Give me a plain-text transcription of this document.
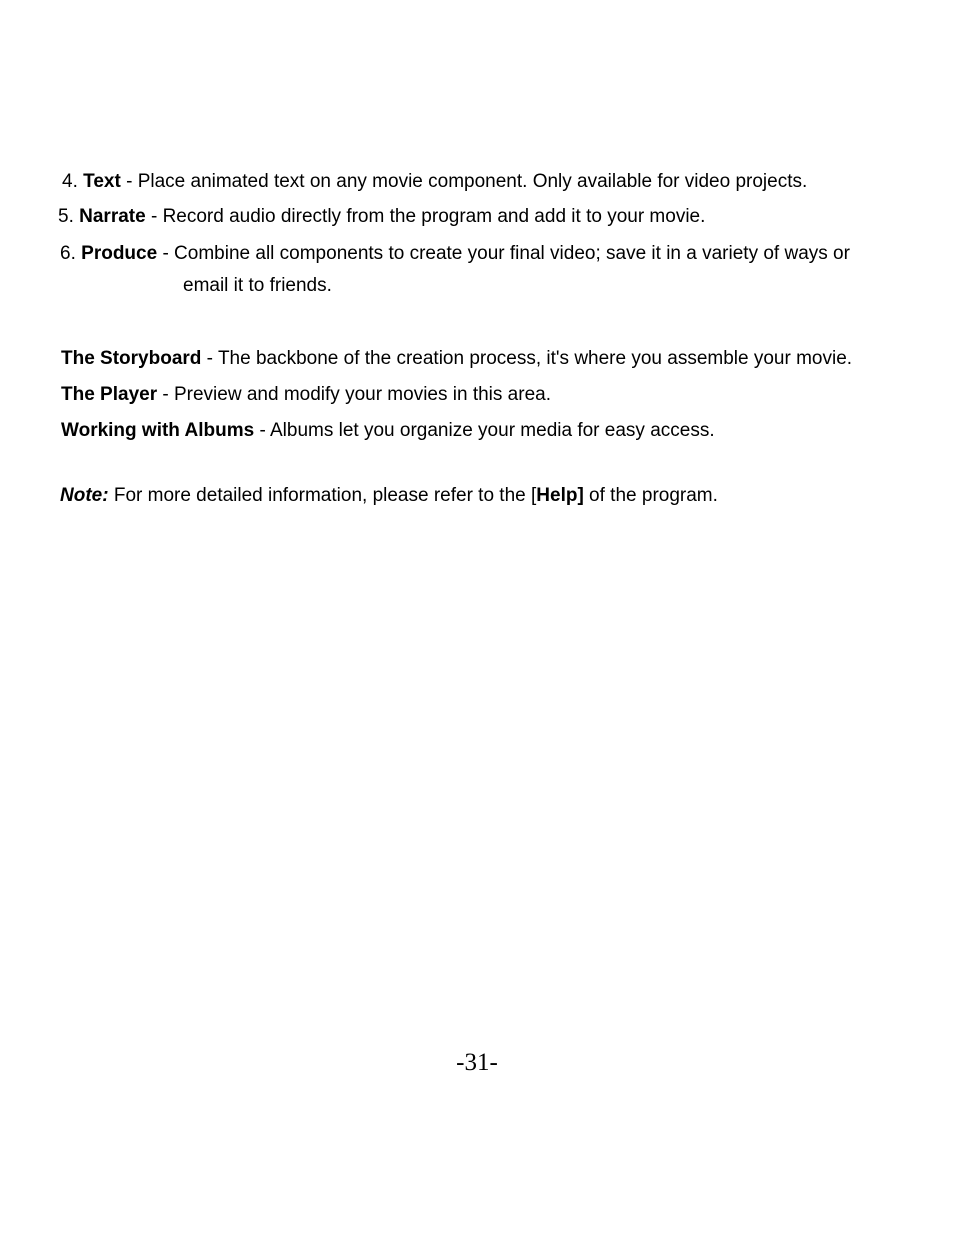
4. Text - Place animated text on any movie component. Only available for video projects.
5. Narrate - Record audio directly from the program and add it to your movie.
6. Produce - Combine all components to create your final video; save it in a variety of ways or
email it to friends.
The Storyboard - The backbone of the creation process, it's where you assemble your movie.
The Player - Preview and modify your movies in this area.
Working with Albums - Albums let you organize your media for easy access.
Note: For more detailed information, please refer to the [Help] of the program.
-31-
